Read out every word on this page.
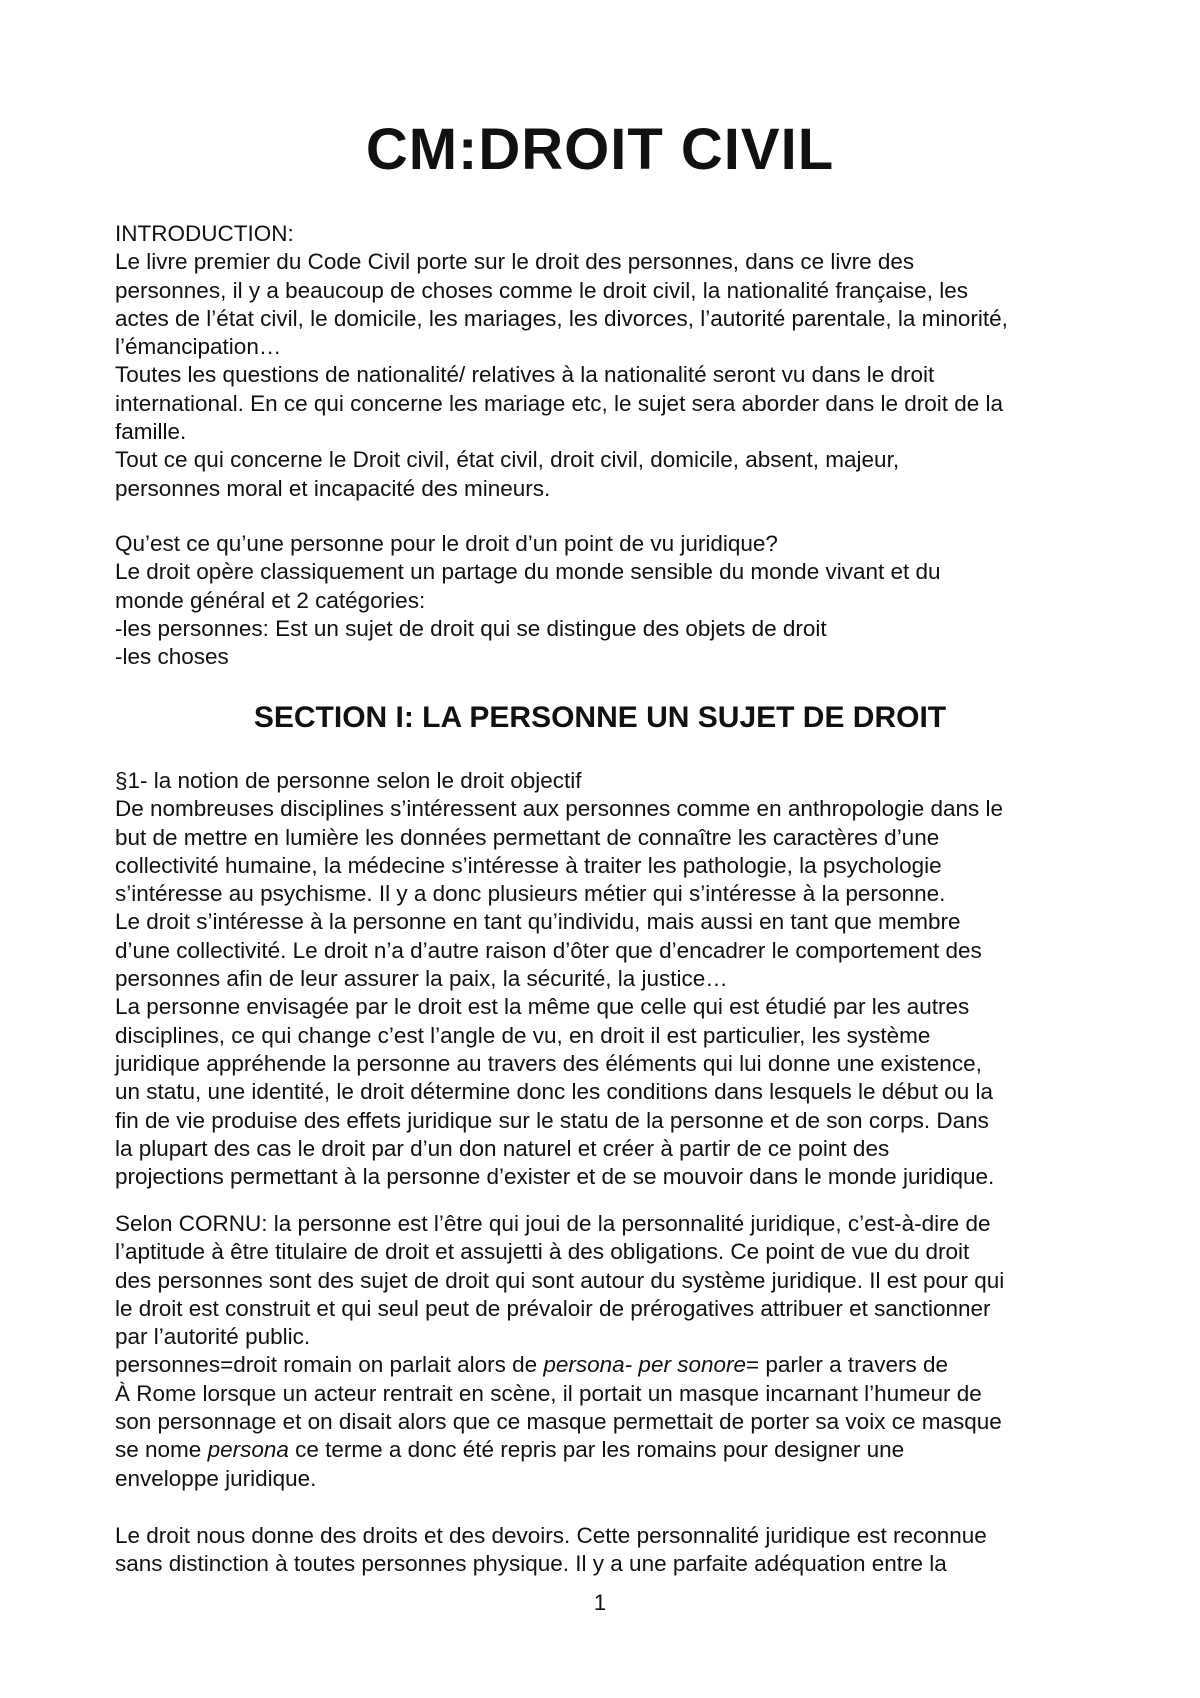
CM:DROIT CIVIL

INTRODUCTION:

Le livre premier du Code Civil porte sur le droit des personnes, dans ce livre des

personnes, il y a beaucoup de choses comme le droit civil, la nationalité française, les

actes de l’état civil, le domicile, les mariages, les divorces, l’autorité parentale, la minorité,

l’émancipation…

Toutes les questions de nationalité/ relatives à la nationalité seront vu dans le droit

international. En ce qui concerne les mariage etc, le sujet sera aborder dans le droit de la

famille.

Tout ce qui concerne le Droit civil, état civil, droit civil, domicile, absent, majeur,

personnes moral et incapacité des mineurs.

Qu’est ce qu’une personne pour le droit d’un point de vu juridique?

Le droit opère classiquement un partage du monde sensible du monde vivant et du

monde général et 2 catégories:

-les personnes: Est un sujet de droit qui se distingue des objets de droit

-les choses

SECTION I: LA PERSONNE UN SUJET DE DROIT

§1- la notion de personne selon le droit objectif

De nombreuses disciplines s’intéressent aux personnes comme en anthropologie dans le

but de mettre en lumière les données permettant de connaître les caractères d’une

collectivité humaine, la médecine s’intéresse à traiter les pathologie, la psychologie

s’intéresse au psychisme. Il y a donc plusieurs métier qui s’intéresse à la personne.

Le droit s’intéresse à la personne en tant qu’individu, mais aussi en tant que membre

d’une collectivité. Le droit n’a d’autre raison d’ôter que d’encadrer le comportement des

personnes afin de leur assurer la paix, la sécurité, la justice…

La personne envisagée par le droit est la même que celle qui est étudié par les autres

disciplines, ce qui change c’est l’angle de vu, en droit il est particulier, les système

juridique appréhende la personne au travers des éléments qui lui donne une existence,

un statu, une identité, le droit détermine donc les conditions dans lesquels le début ou la

fin de vie produise des effets juridique sur le statu de la personne et de son corps. Dans

la plupart des cas le droit par d’un don naturel et créer à partir de ce point des

projections permettant à la personne d’exister et de se mouvoir dans le monde juridique.

Selon CORNU: la personne est l’être qui joui de la personnalité juridique, c’est-à-dire de

l’aptitude à être titulaire de droit et assujetti à des obligations. Ce point de vue du droit

des personnes sont des sujet de droit qui sont autour du système juridique. Il est pour qui

le droit est construit et qui seul peut de prévaloir de prérogatives attribuer et sanctionner

par l’autorité public.

personnes=droit romain on parlait alors de persona- per sonore= parler a travers de

À Rome lorsque un acteur rentrait en scène, il portait un masque incarnant l’humeur de

son personnage et on disait alors que ce masque permettait de porter sa voix ce masque

se nome persona ce terme a donc été repris par les romains pour designer une

enveloppe juridique.

Le droit nous donne des droits et des devoirs. Cette personnalité juridique est reconnue

sans distinction à toutes personnes physique. Il y a une parfaite adéquation entre la

1
